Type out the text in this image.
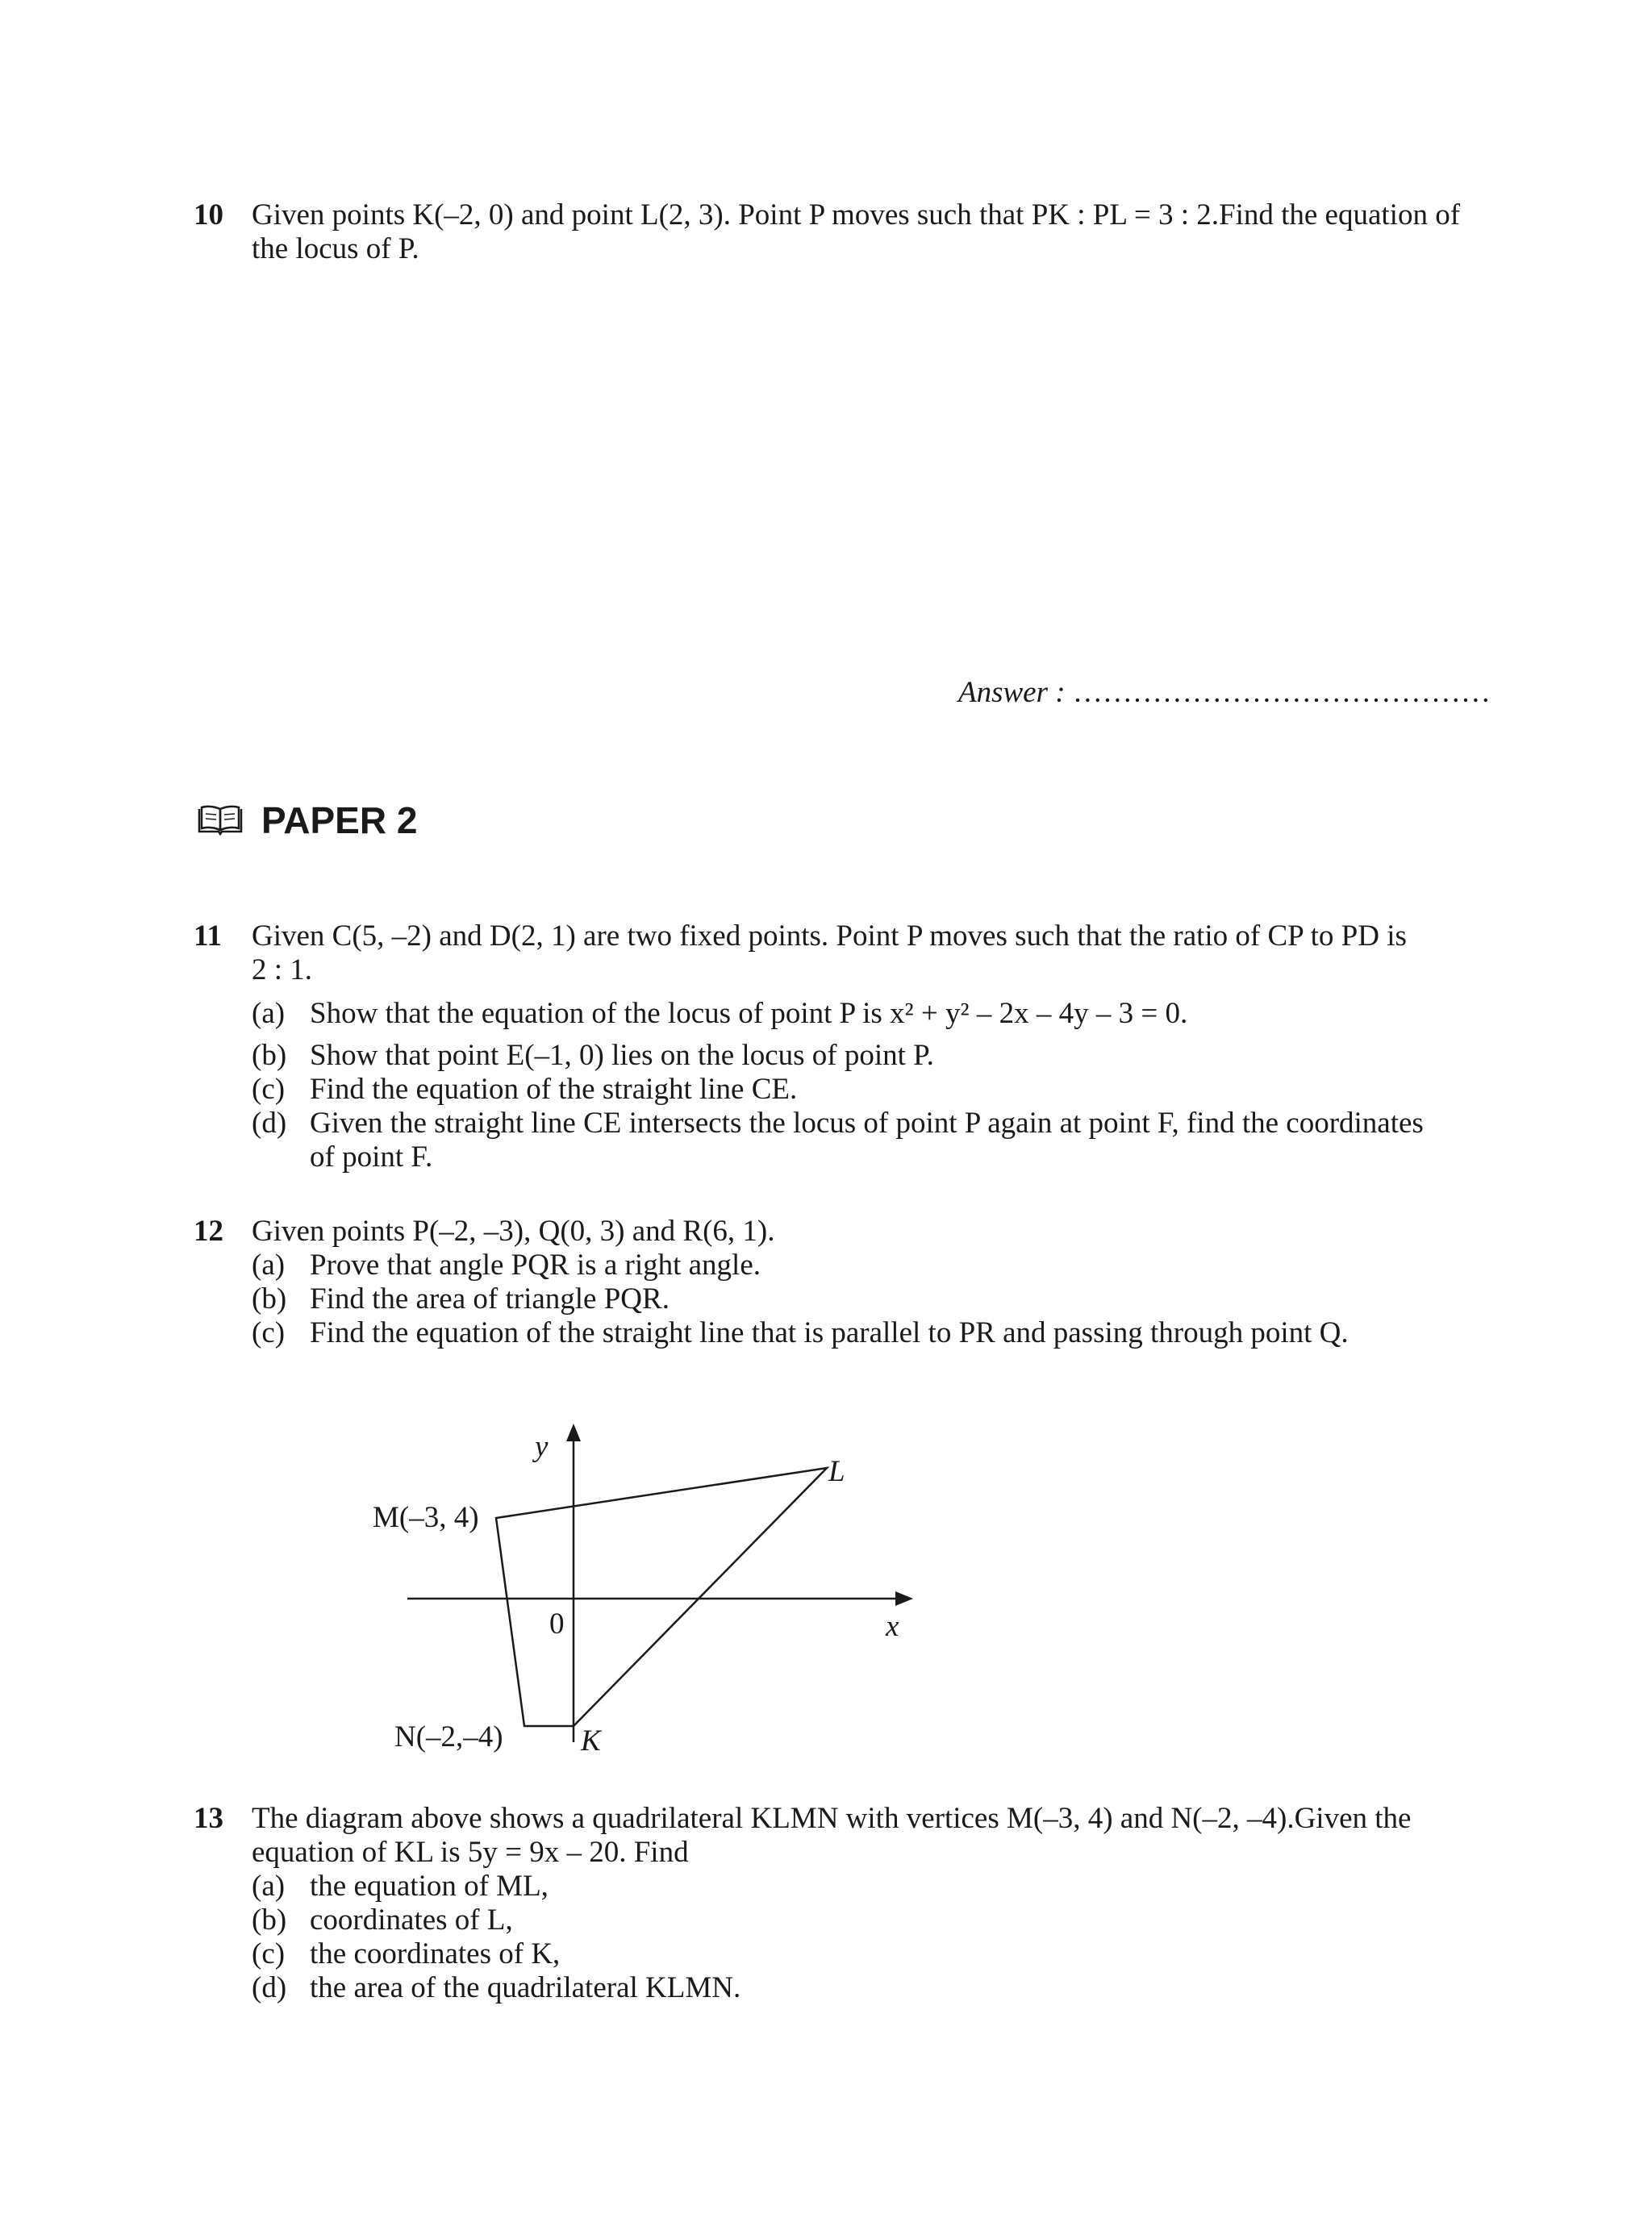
10 Given points K(–2, 0) and point L(2, 3). Point P moves such that PK : PL = 3 : 2.Find the equation of

the locus of P.

Answer : ……………………………………
PAPER 2
11	Given C(5, –2) and D(2, 1) are two fixed points. Point P moves such that the ratio of CP to PD is

2 : 1.

(a) Show that the equation of the locus of point P is x² + y² – 2x – 4y – 3 = 0.

(b) Show that point E(–1, 0) lies on the locus of point P.

(c) Find the equation of the straight line CE.

(d) Given the straight line CE intersects the locus of point P again at point F, find the coordinates

of point F.

12 Given points P(–2, –3), Q(0, 3) and R(6, 1).

(a) Prove that angle PQR is a right angle.

(b) Find the area of triangle PQR.

(c) Find the equation of the straight line that is parallel to PR and passing through point Q.

y
x
0
M(–3, 4)
N(–2,–4)
L
K
13 The diagram above shows a quadrilateral KLMN with vertices M(–3, 4) and N(–2, –4).Given the

equation of KL is 5y = 9x – 20. Find

(a) the equation of ML,

(b) coordinates of L,

(c) the coordinates of K,

(d) the area of the quadrilateral KLMN.
